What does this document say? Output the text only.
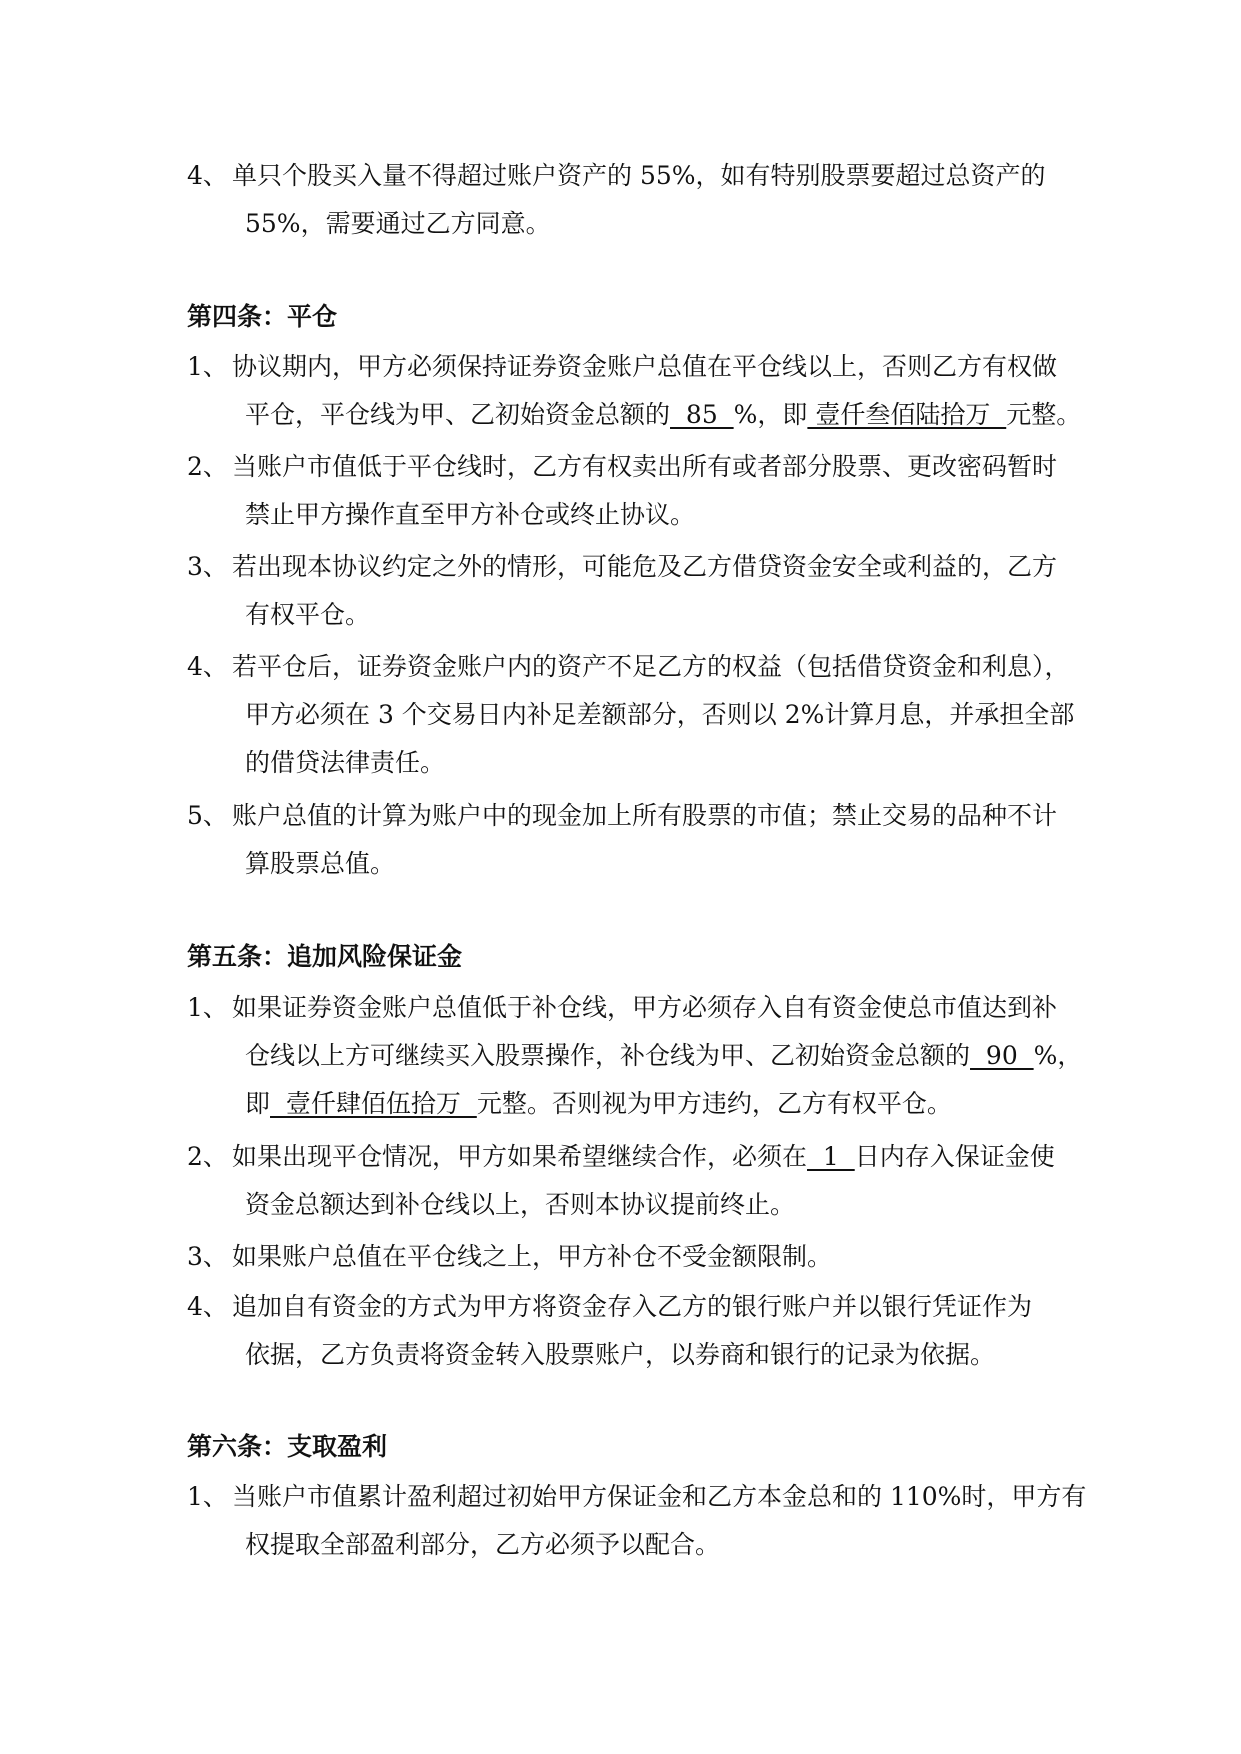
4、 单只个股买入量不得超过账户资产的 55%，如有特别股票要超过总资产的
55%，需要通过乙方同意。
第四条：平仓
1、 协议期内，甲方必须保持证券资金账户总值在平仓线以上，否则乙方有权做
平仓，平仓线为甲、乙初始资金总额的  85  %，即 壹仟叁佰陆拾万  元整。
2、 当账户市值低于平仓线时，乙方有权卖出所有或者部分股票、更改密码暂时
禁止甲方操作直至甲方补仓或终止协议。
3、 若出现本协议约定之外的情形，可能危及乙方借贷资金安全或利益的，乙方
有权平仓。
4、 若平仓后，证券资金账户内的资产不足乙方的权益（包括借贷资金和利息），
甲方必须在 3 个交易日内补足差额部分，否则以 2%计算月息，并承担全部
的借贷法律责任。
5、 账户总值的计算为账户中的现金加上所有股票的市值；禁止交易的品种不计
算股票总值。
第五条：追加风险保证金
1、 如果证券资金账户总值低于补仓线，甲方必须存入自有资金使总市值达到补
仓线以上方可继续买入股票操作，补仓线为甲、乙初始资金总额的  90  %，
即  壹仟肆佰伍拾万  元整。否则视为甲方违约，乙方有权平仓。
2、 如果出现平仓情况，甲方如果希望继续合作，必须在  1  日内存入保证金使
资金总额达到补仓线以上，否则本协议提前终止。
3、 如果账户总值在平仓线之上，甲方补仓不受金额限制。
4、 追加自有资金的方式为甲方将资金存入乙方的银行账户并以银行凭证作为
依据，乙方负责将资金转入股票账户，以券商和银行的记录为依据。
第六条：支取盈利
1、 当账户市值累计盈利超过初始甲方保证金和乙方本金总和的 110%时，甲方有
权提取全部盈利部分，乙方必须予以配合。
